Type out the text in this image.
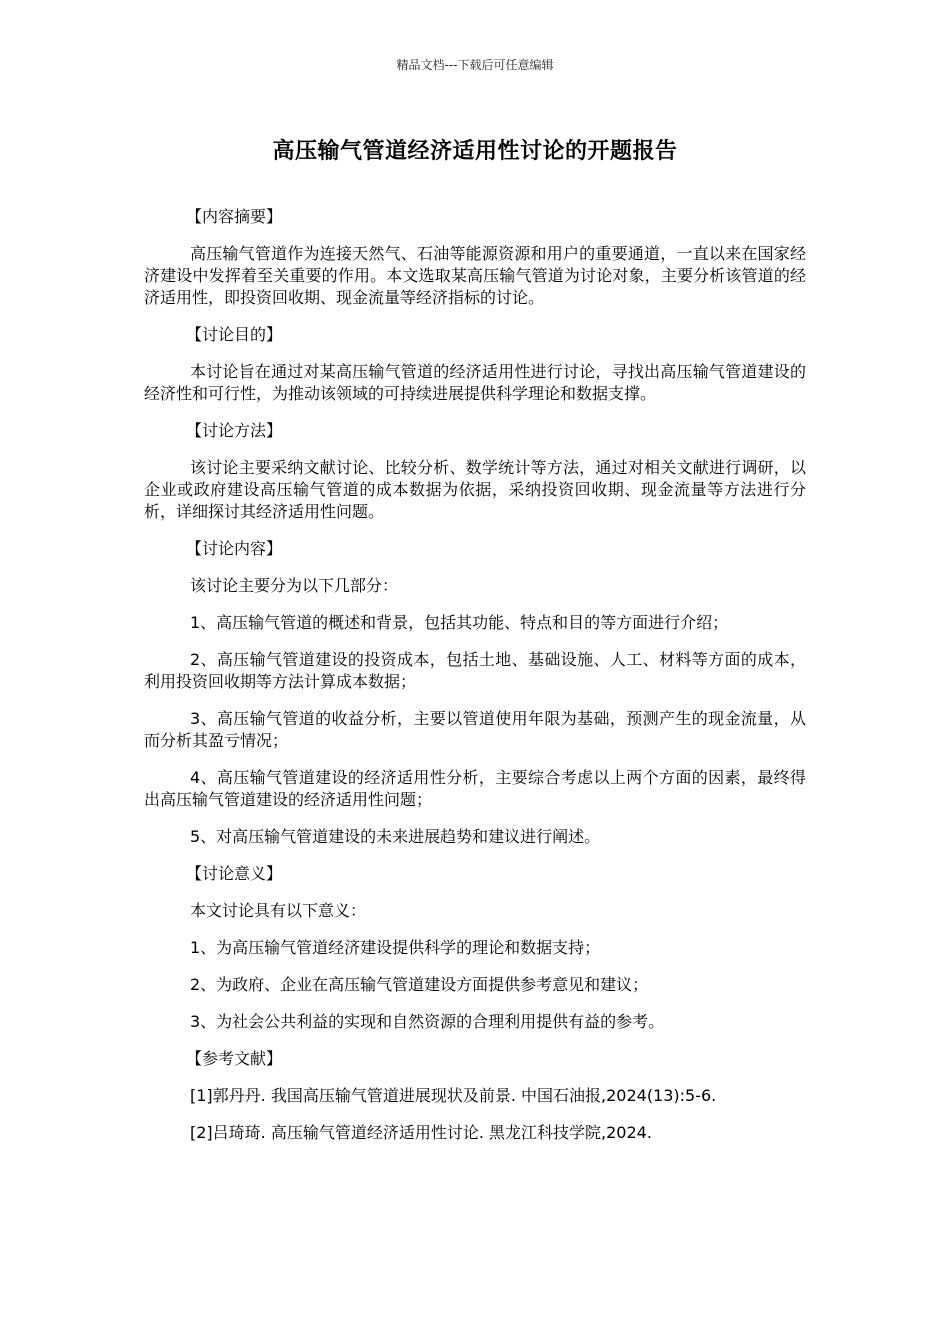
精品文档---下载后可任意编辑
高压输气管道经济适用性讨论的开题报告

【内容摘要】

高压输气管道作为连接天然气、石油等能源资源和用户的重要通道，一直以来在国家经济建设中发挥着至关重要的作用。本文选取某高压输气管道为讨论对象，主要分析该管道的经济适用性，即投资回收期、现金流量等经济指标的讨论。

【讨论目的】

本讨论旨在通过对某高压输气管道的经济适用性进行讨论，寻找出高压输气管道建设的经济性和可行性，为推动该领域的可持续进展提供科学理论和数据支撑。

【讨论方法】

该讨论主要采纳文献讨论、比较分析、数学统计等方法，通过对相关文献进行调研，以企业或政府建设高压输气管道的成本数据为依据，采纳投资回收期、现金流量等方法进行分析，详细探讨其经济适用性问题。

【讨论内容】

该讨论主要分为以下几部分：

1、高压输气管道的概述和背景，包括其功能、特点和目的等方面进行介绍；

2、高压输气管道建设的投资成本，包括土地、基础设施、人工、材料等方面的成本，利用投资回收期等方法计算成本数据；

3、高压输气管道的收益分析，主要以管道使用年限为基础，预测产生的现金流量，从而分析其盈亏情况；

4、高压输气管道建设的经济适用性分析，主要综合考虑以上两个方面的因素，最终得出高压输气管道建设的经济适用性问题；

5、对高压输气管道建设的未来进展趋势和建议进行阐述。

【讨论意义】

本文讨论具有以下意义：

1、为高压输气管道经济建设提供科学的理论和数据支持；

2、为政府、企业在高压输气管道建设方面提供参考意见和建议；

3、为社会公共利益的实现和自然资源的合理利用提供有益的参考。

【参考文献】

[1]郭丹丹. 我国高压输气管道进展现状及前景. 中国石油报,2024(13):5-6.

[2]吕琦琦. 高压输气管道经济适用性讨论. 黑龙江科技学院,2024.
